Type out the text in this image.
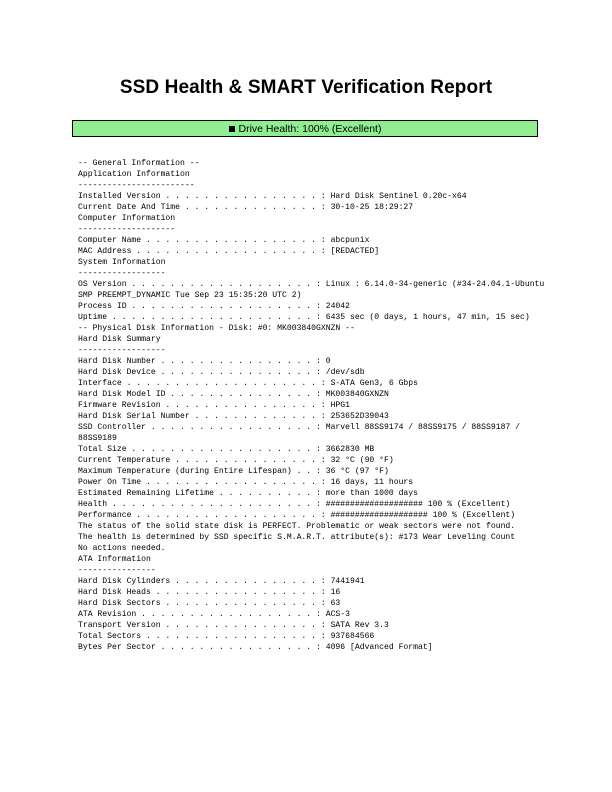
SSD Health & SMART Verification Report
Drive Health: 100% (Excellent)
-- General Information --
Application Information
------------------------
Installed Version . . . . . . . . . . . . . . . . : Hard Disk Sentinel 0.20c-x64
Current Date And Time . . . . . . . . . . . . . . : 30-10-25 18:29:27
Computer Information
--------------------
Computer Name . . . . . . . . . . . . . . . . . . : abcpunix
MAC Address . . . . . . . . . . . . . . . . . . . : [REDACTED]
System Information
------------------
OS Version . . . . . . . . . . . . . . . . . . . : Linux : 6.14.0-34-generic (#34-24.04.1-Ubuntu SMP PREEMPT_DYNAMIC Tue Sep 23 15:35:20 UTC 2)
Process ID . . . . . . . . . . . . . . . . . . . : 24042
Uptime . . . . . . . . . . . . . . . . . . . . . : 6435 sec (0 days, 1 hours, 47 min, 15 sec)
-- Physical Disk Information - Disk: #0: MK003840GXNZN --
Hard Disk Summary
------------------
Hard Disk Number . . . . . . . . . . . . . . . . : 0
Hard Disk Device . . . . . . . . . . . . . . . . : /dev/sdb
Interface . . . . . . . . . . . . . . . . . . . . : S-ATA Gen3, 6 Gbps
Hard Disk Model ID . . . . . . . . . . . . . . . : MK003840GXNZN
Firmware Revision . . . . . . . . . . . . . . . . : HPG1
Hard Disk Serial Number . . . . . . . . . . . . . : 253652D39043
SSD Controller . . . . . . . . . . . . . . . . . : Marvell 88SS9174 / 88SS9175 / 88SS9187 / 88SS9189
Total Size . . . . . . . . . . . . . . . . . . . : 3662830 MB
Current Temperature . . . . . . . . . . . . . . . : 32 °C (90 °F)
Maximum Temperature (during Entire Lifespan) . . : 36 °C (97 °F)
Power On Time . . . . . . . . . . . . . . . . . . : 16 days, 11 hours
Estimated Remaining Lifetime . . . . . . . . . . : more than 1000 days
Health . . . . . . . . . . . . . . . . . . . . . : #################### 100 % (Excellent)
Performance . . . . . . . . . . . . . . . . . . . : #################### 100 % (Excellent)
The status of the solid state disk is PERFECT. Problematic or weak sectors were not found.
The health is determined by SSD specific S.M.A.R.T. attribute(s): #173 Wear Leveling Count
No actions needed.
ATA Information
----------------
Hard Disk Cylinders . . . . . . . . . . . . . . . : 7441941
Hard Disk Heads . . . . . . . . . . . . . . . . . : 16
Hard Disk Sectors . . . . . . . . . . . . . . . . : 63
ATA Revision . . . . . . . . . . . . . . . . . . : ACS-3
Transport Version . . . . . . . . . . . . . . . . : SATA Rev 3.3
Total Sectors . . . . . . . . . . . . . . . . . . : 937684566
Bytes Per Sector . . . . . . . . . . . . . . . . : 4096 [Advanced Format]
